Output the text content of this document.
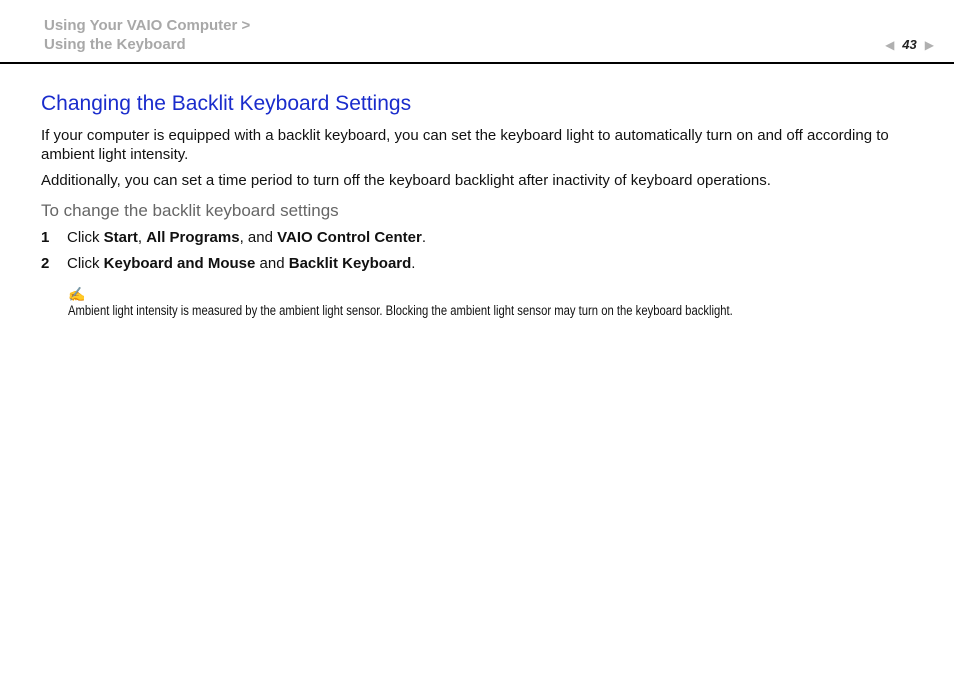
Using Your VAIO Computer >
Using the Keyboard	◀ 43 ▶
Changing the Backlit Keyboard Settings
If your computer is equipped with a backlit keyboard, you can set the keyboard light to automatically turn on and off according to ambient light intensity.
Additionally, you can set a time period to turn off the keyboard backlight after inactivity of keyboard operations.
To change the backlit keyboard settings
1 Click Start, All Programs, and VAIO Control Center.
2 Click Keyboard and Mouse and Backlit Keyboard.
✍
Ambient light intensity is measured by the ambient light sensor. Blocking the ambient light sensor may turn on the keyboard backlight.
